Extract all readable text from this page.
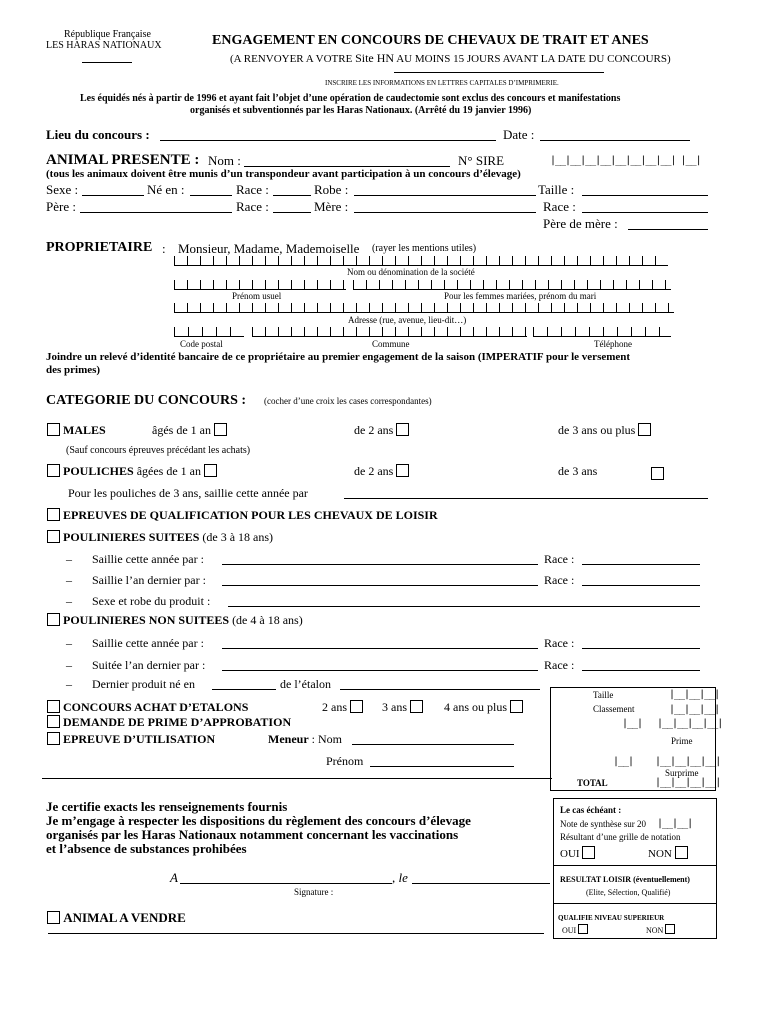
République Française
LES HARAS NATIONAUX	ENGAGEMENT EN CONCOURS DE CHEVAUX DE TRAIT ET ANES
(A RENVOYER A VOTRE Site HN AU MOINS 15 JOURS AVANT LA DATE DU CONCOURS)
INSCRIRE LES INFORMATIONS EN LETTRES CAPITALES D’IMPRIMERIE.
Les équidés nés à partir de 1996 et ayant fait l’objet d’une opération de caudectomie sont exclus des concours et manifestations
organisés et subventionnés par les Haras Nationaux. (Arrêté du 19 janvier 1996)
Lieu du concours :	Date :
ANIMAL PRESENTE : Nom :	N° SIRE	|__|__|__|__|__|__|__|__| |__|
(tous les animaux doivent être munis d’un transpondeur avant participation à un concours d’élevage)
Sexe :	Né en :	Race :	Robe :	Taille :
Père :	Race :	Mère :	Race :
Père de mère :
PROPRIETAIRE : Monsieur, Madame, Mademoiselle (rayer les mentions utiles)
Nom ou dénomination de la société
Prénom usuel	Pour les femmes mariées, prénom du mari
Adresse (rue, avenue, lieu-dit…)
Code postal	Commune	Téléphone
Joindre un relevé d’identité bancaire de ce propriétaire au premier engagement de la saison (IMPERATIF pour le versement
des primes)
CATEGORIE DU CONCOURS : (cocher d’une croix les cases correspondantes)
MALES	âgés de 1 an	de 2 ans	de 3 ans ou plus
(Sauf concours épreuves précédant les achats)
POULICHES âgées de 1 an	de 2 ans	de 3 ans
Pour les pouliches de 3 ans, saillie cette année par
EPREUVES DE QUALIFICATION POUR LES CHEVAUX DE LOISIR
POULINIERES SUITEES (de 3 à 18 ans)
– Saillie cette année par :	Race :
– Saillie l’an dernier par :	Race :
– Sexe et robe du produit :
POULINIERES NON SUITEES (de 4 à 18 ans)
– Saillie cette année par :	Race :
– Suitée l’an dernier par :	Race :
– Dernier produit né en	de l’étalon
CONCOURS ACHAT D’ETALONS	2 ans	3 ans	4 ans ou plus
DEMANDE DE PRIME D’APPROBATION
EPREUVE D’UTILISATION	Meneur : Nom
Prénom
Taille	|__|__|__|
Classement	|__|__|__|
|__| |__|__|__|__|
Prime
|__| |__|__|__|__|
Surprime
TOTAL	|__|__|__|__|
Je certifie exacts les renseignements fournis
Je m’engage à respecter les dispositions du règlement des concours d’élevage
organisés par les Haras Nationaux notamment concernant les vaccinations
et l’absence de substances prohibées
A	, le
Signature :
ANIMAL A VENDRE
Le cas échéant :
Note de synthèse sur 20 |__|__|
Résultant d’une grille de notation
OUI	NON
RESULTAT LOISIR (éventuellement)
(Elite, Sélection, Qualifié)
QUALIFIE NIVEAU SUPERIEUR
OUI	NON
